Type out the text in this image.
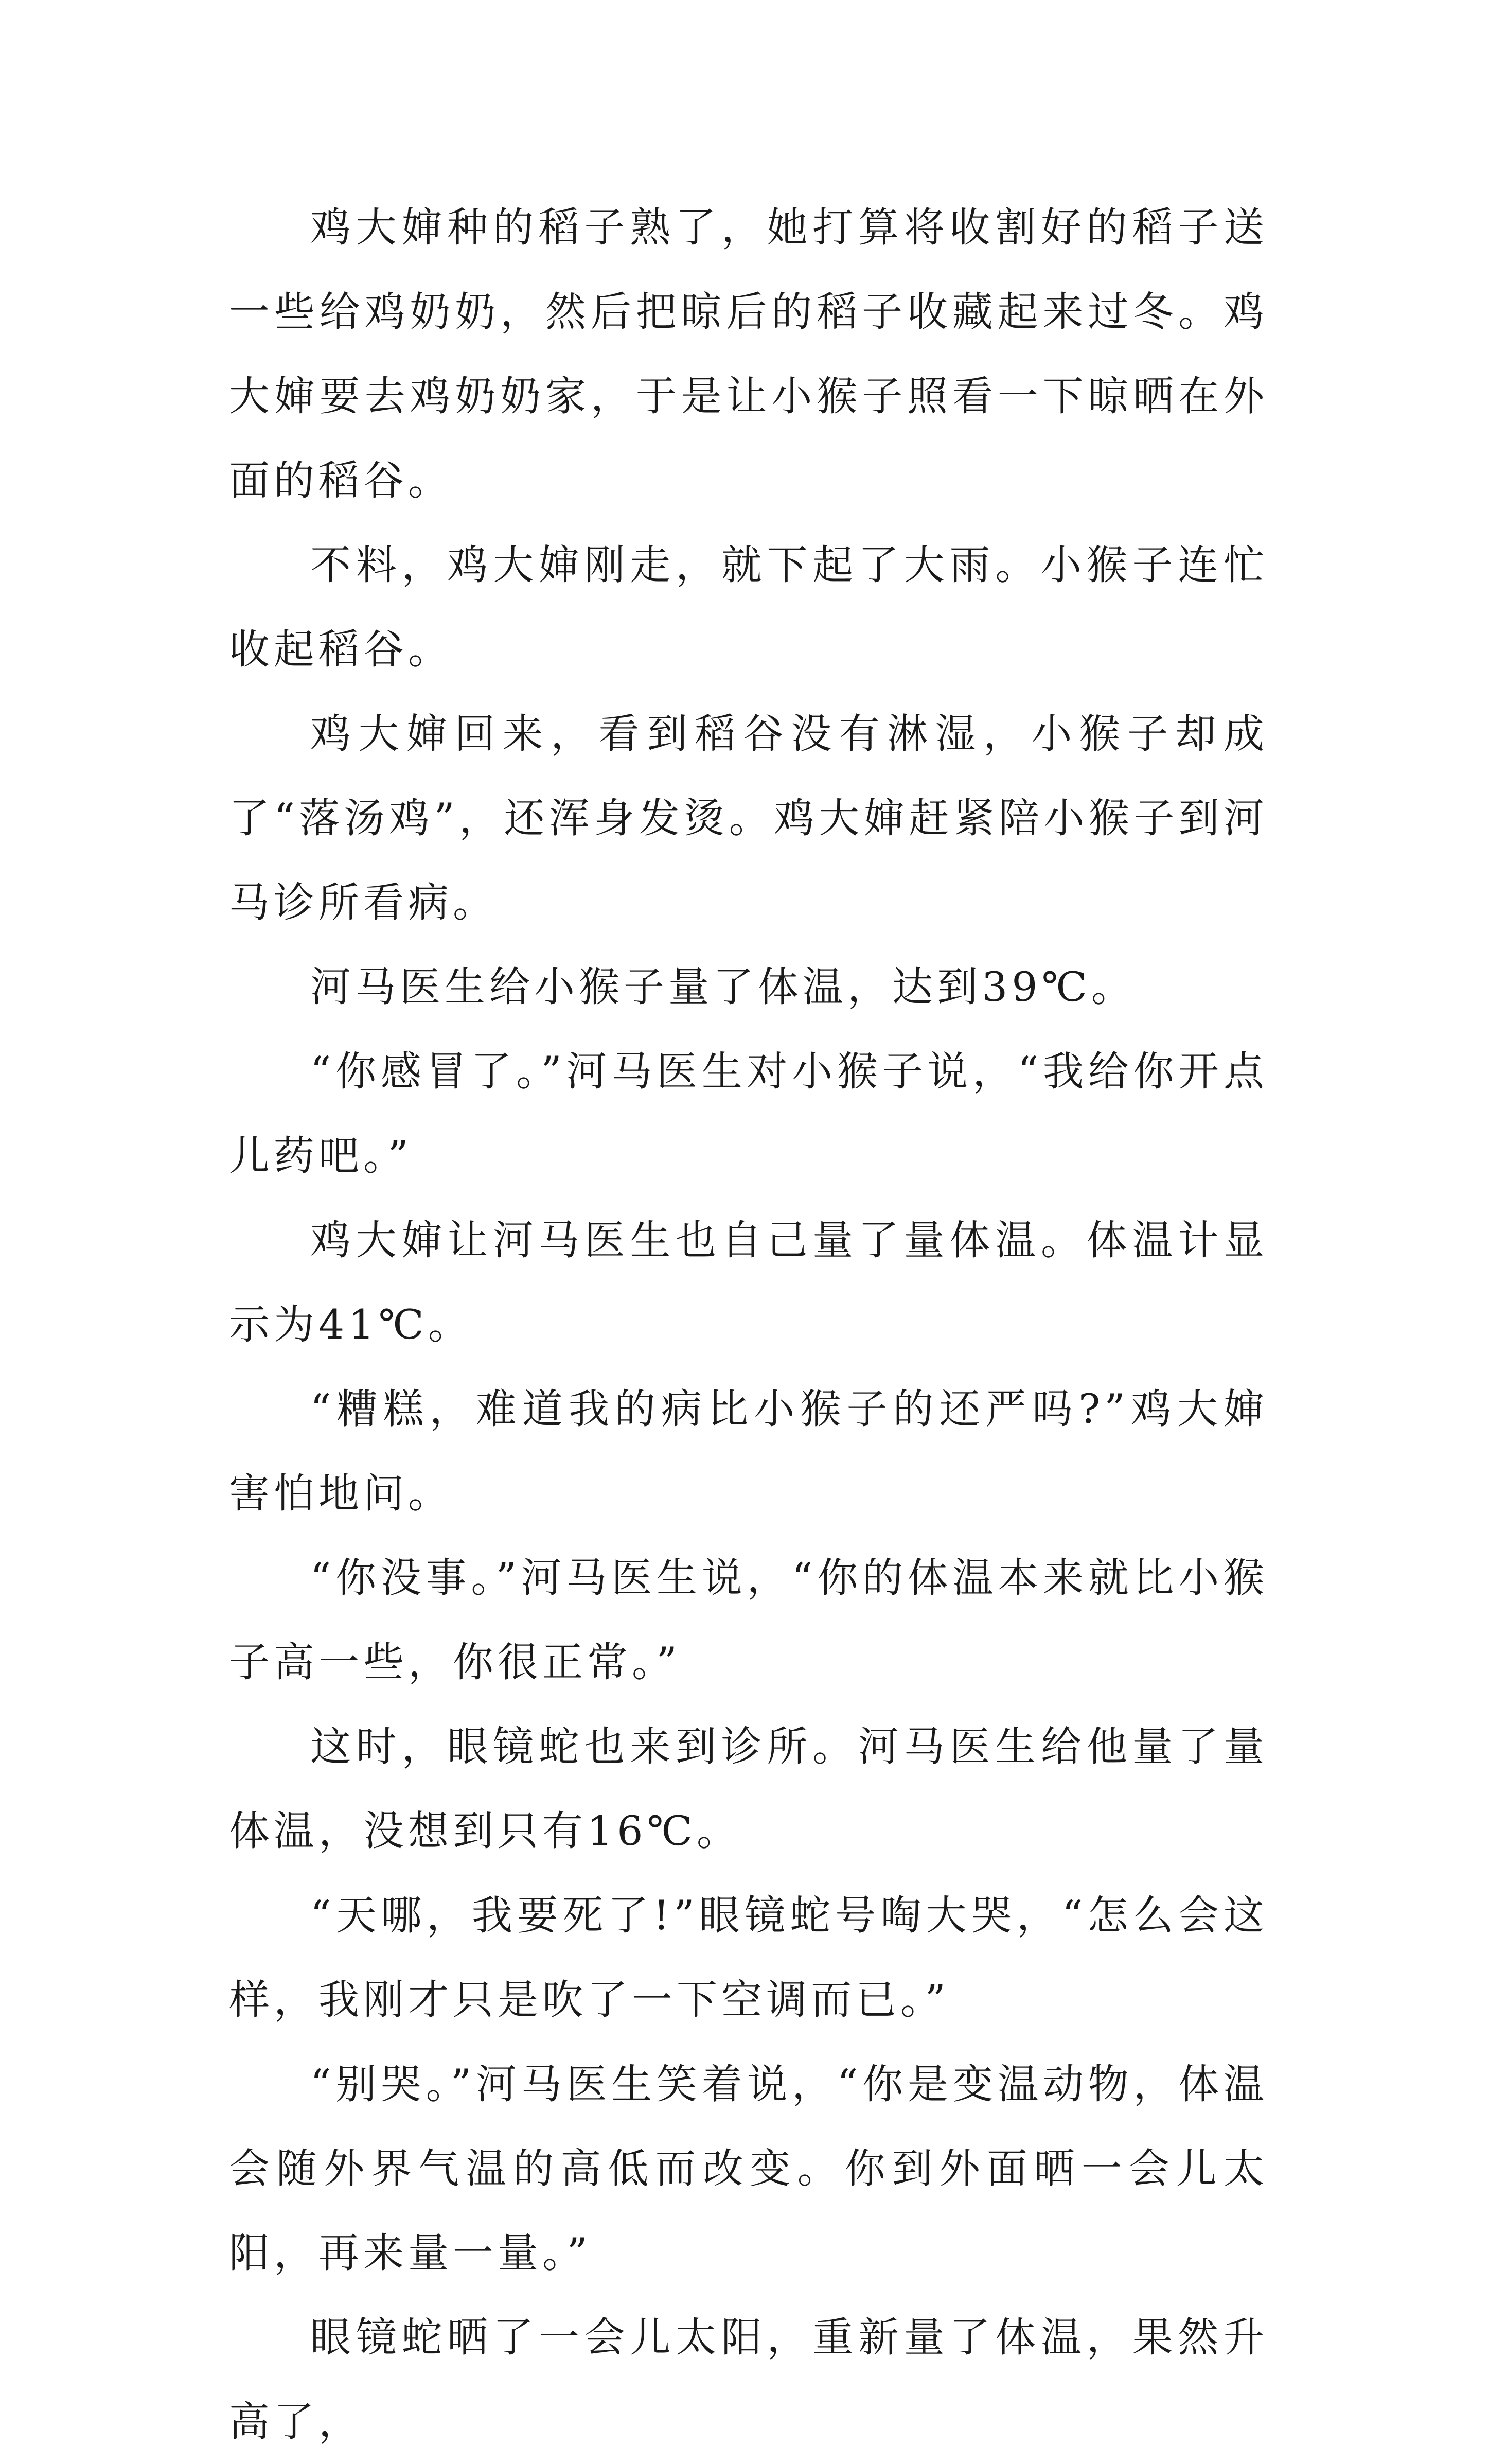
鸡大婶种的稻子熟了，她打算将收割好的稻子送一些给鸡奶奶，然后把晾后的稻子收藏起来过冬。鸡大婶要去鸡奶奶家，于是让小猴子照看一下晾晒在外面的稻谷。

不料，鸡大婶刚走，就下起了大雨。小猴子连忙收起稻谷。

鸡大婶回来，看到稻谷没有淋湿，小猴子却成了“落汤鸡”，还浑身发烫。鸡大婶赶紧陪小猴子到河马诊所看病。

河马医生给小猴子量了体温，达到39℃。

“你感冒了。”河马医生对小猴子说，“我给你开点儿药吧。”

鸡大婶让河马医生也自己量了量体温。体温计显示为41℃。

“糟糕，难道我的病比小猴子的还严吗?”鸡大婶害怕地问。

“你没事。”河马医生说，“你的体温本来就比小猴子高一些，你很正常。”

这时，眼镜蛇也来到诊所。河马医生给他量了量体温，没想到只有16℃。

“天哪，我要死了!”眼镜蛇号啕大哭，“怎么会这样，我刚才只是吹了一下空调而已。”

“别哭。”河马医生笑着说，“你是变温动物，体温会随外界气温的高低而改变。你到外面晒一会儿太阳，再来量一量。”

眼镜蛇晒了一会儿太阳，重新量了体温，果然升高了，
